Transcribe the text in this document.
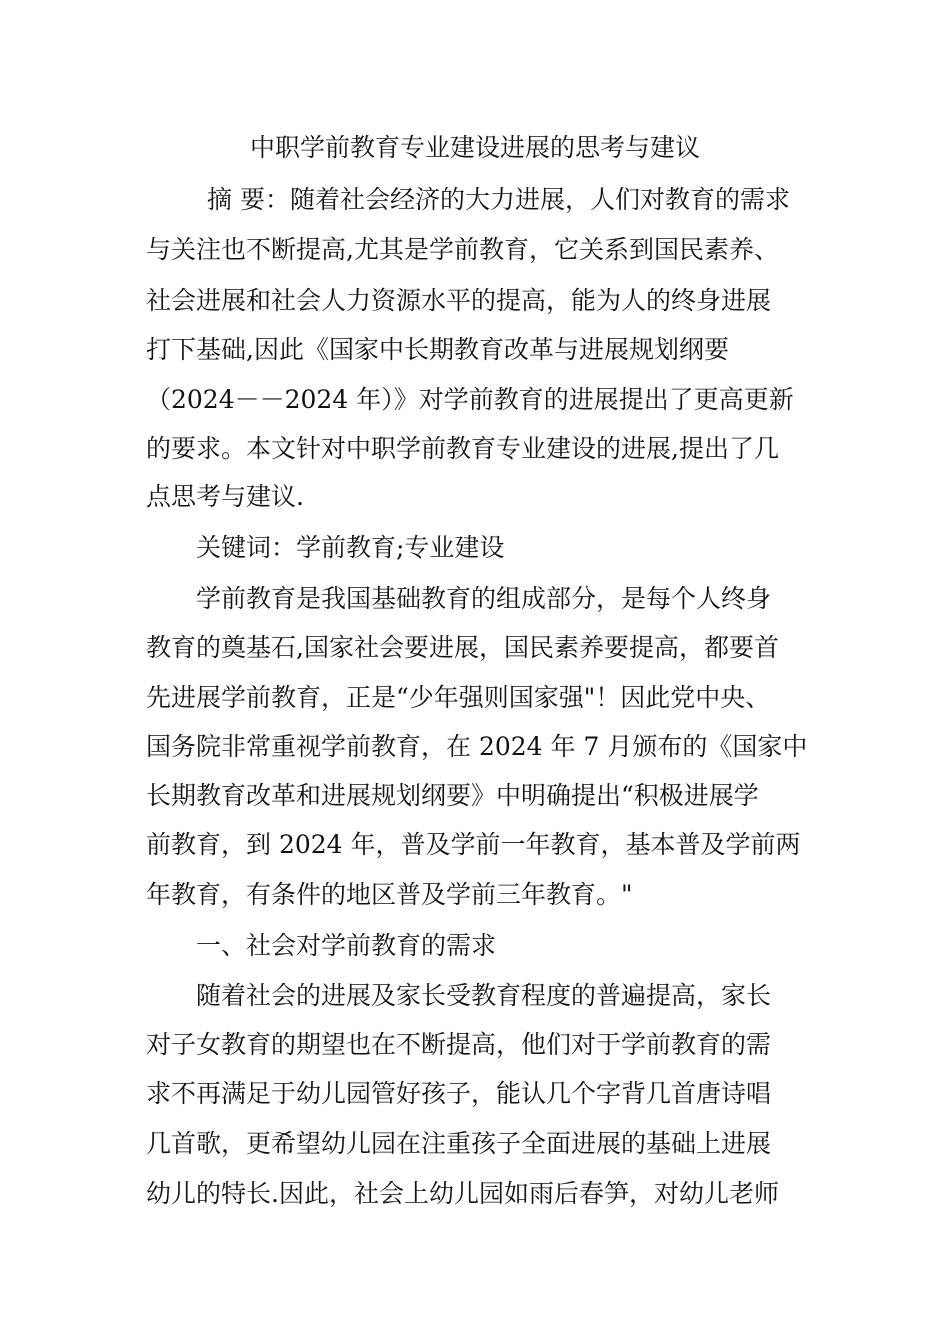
中职学前教育专业建设进展的思考与建议
摘 要：随着社会经济的大力进展，人们对教育的需求
与关注也不断提高,尤其是学前教育，它关系到国民素养、
社会进展和社会人力资源水平的提高，能为人的终身进展
打下基础,因此《国家中长期教育改革与进展规划纲要
（2024－－2024 年）》对学前教育的进展提出了更高更新
的要求。本文针对中职学前教育专业建设的进展,提出了几
点思考与建议.
关键词：学前教育;专业建设
学前教育是我国基础教育的组成部分，是每个人终身
教育的奠基石,国家社会要进展，国民素养要提高，都要首
先进展学前教育，正是“少年强则国家强"！因此党中央、
国务院非常重视学前教育，在 2024 年 7 月颁布的《国家中
长期教育改革和进展规划纲要》中明确提出“积极进展学
前教育，到 2024 年，普及学前一年教育，基本普及学前两
年教育，有条件的地区普及学前三年教育。"
一、社会对学前教育的需求
随着社会的进展及家长受教育程度的普遍提高，家长
对子女教育的期望也在不断提高，他们对于学前教育的需
求不再满足于幼儿园管好孩子，能认几个字背几首唐诗唱
几首歌，更希望幼儿园在注重孩子全面进展的基础上进展
幼儿的特长.因此，社会上幼儿园如雨后春笋，对幼儿老师
